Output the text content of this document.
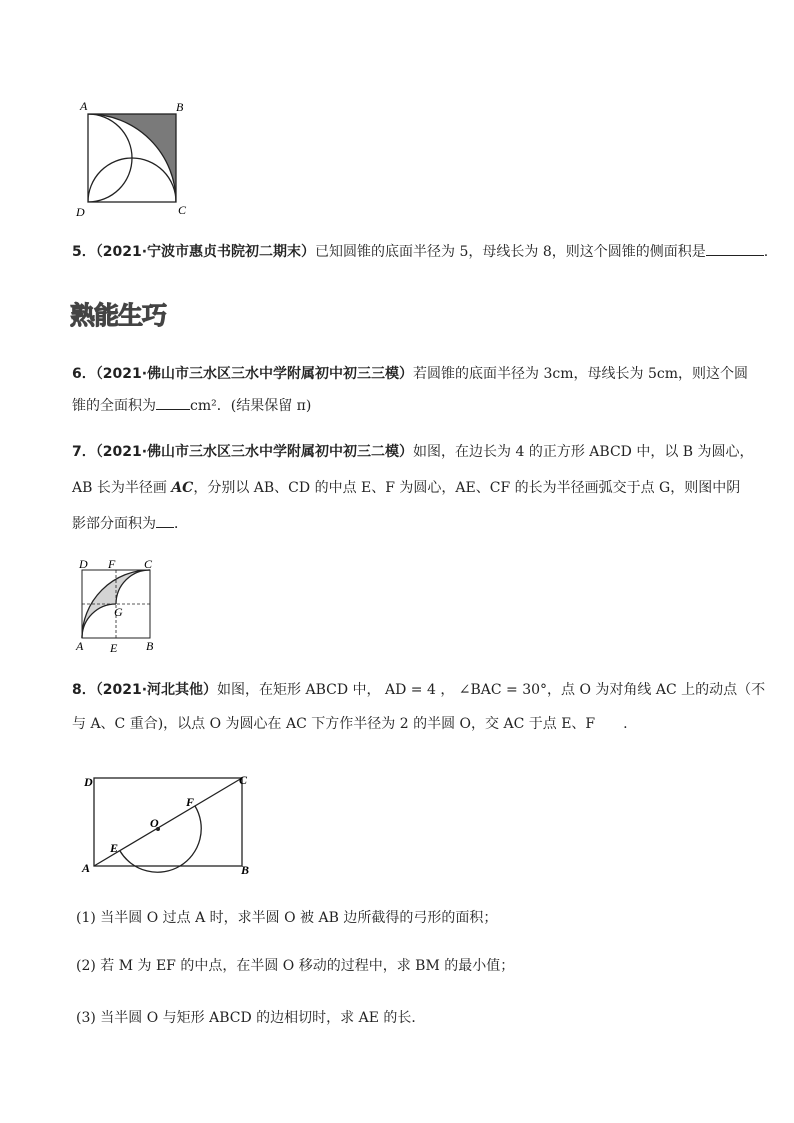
A	B
C
D
5．（2021·宁波市惠贞书院初二期末）已知圆锥的底面半径为 5，母线长为 8，则这个圆锥的侧面积是	.
熟能生巧
6．（2021·佛山市三水区三水中学附属初中初三三模）若圆锥的底面半径为 3cm，母线长为 5cm，则这个圆
锥的全面积为 cm²．(结果保留 π)
7．（2021·佛山市三水区三水中学附属初中初三二模）如图，在边长为 4 的正方形 ABCD 中，以 B 为圆心，
AB 长为半径画 AC，分别以 AB、CD 的中点 E、F 为圆心，AE、CF 的长为半径画弧交于点 G，则图中阴
影部分面积为 ．
D F C
G
A E B
8．（2021·河北其他）如图，在矩形 ABCD 中， AD = 4 ， ∠BAC = 30°，点 O 为对角线 AC 上的动点（不
与 A、C 重合)，以点 O 为圆心在 AC 下方作半径为 2 的半圆 O，交 AC 于点 E、F .
D	C
F
O
E
A	B
(1) 当半圆 O 过点 A 时，求半圆 O 被 AB 边所截得的弓形的面积；
(2) 若 M 为 EF 的中点，在半圆 O 移动的过程中，求 BM 的最小值；
(3) 当半圆 O 与矩形 ABCD 的边相切时，求 AE 的长．
